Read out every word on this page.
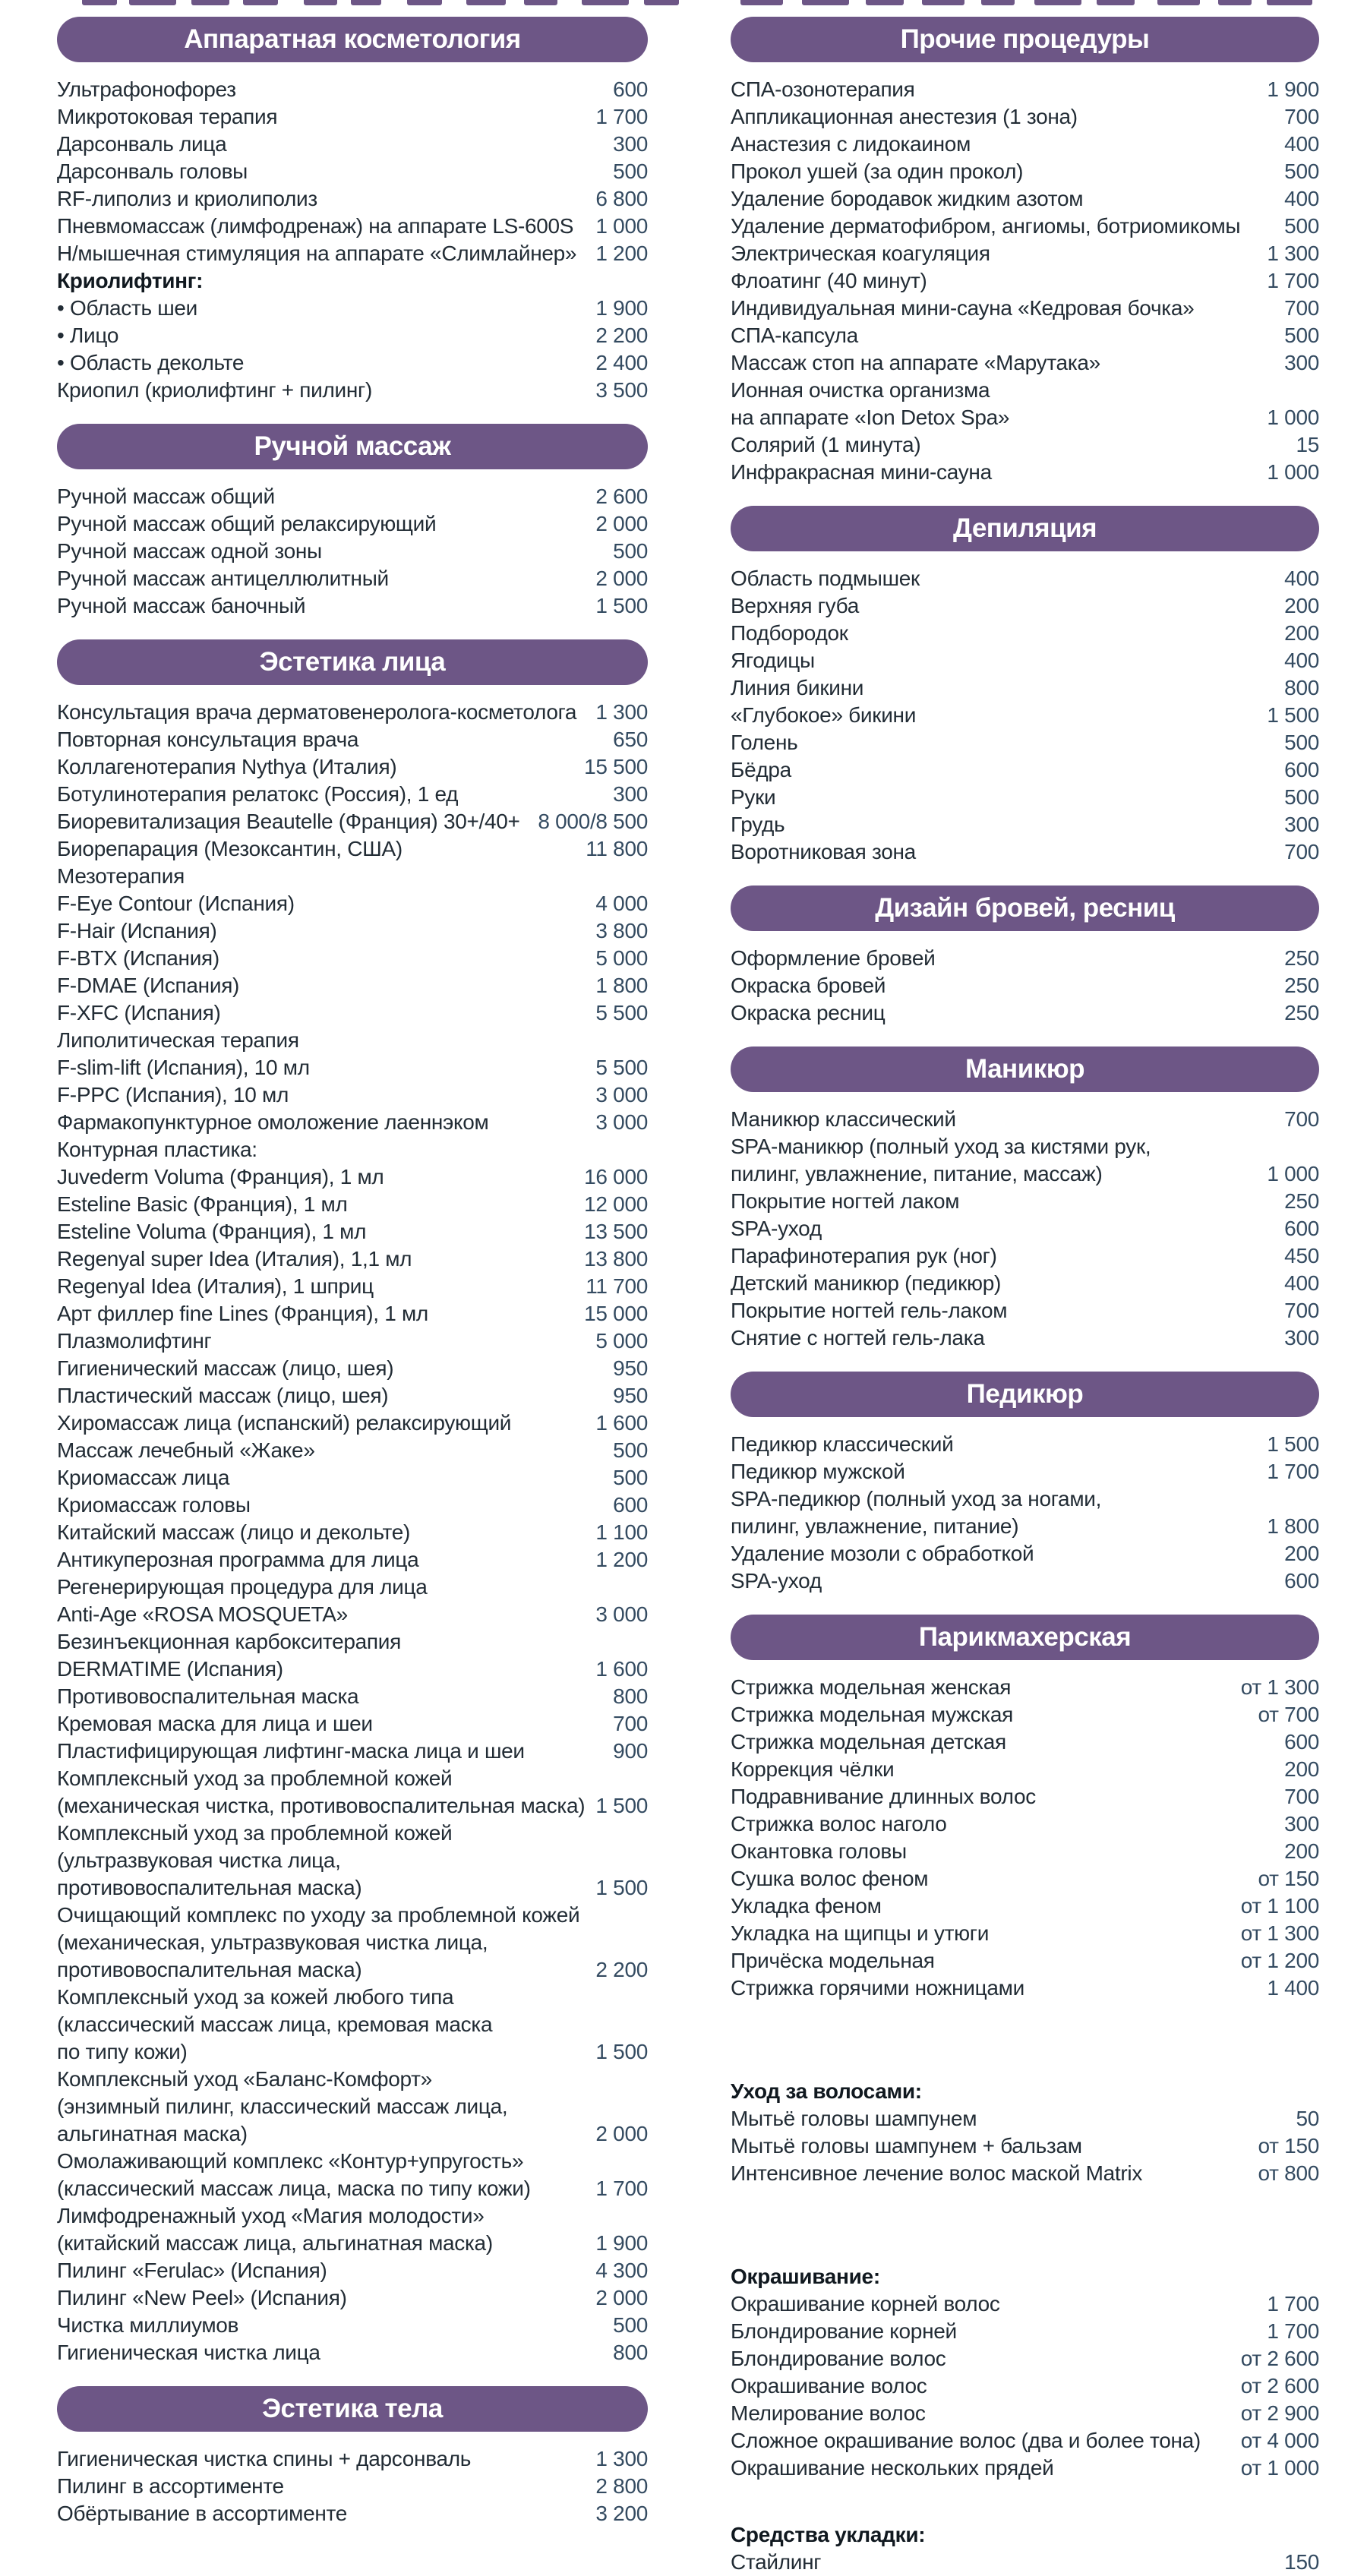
Аппаратная косметология
Ультрафонофорез	600
Микротоковая терапия	1 700
Дарсонваль лица	300
Дарсонваль головы	500
RF-липолиз и криолиполиз	6 800
Пневмомассаж (лимфодренаж) на аппарате LS-600S	1 000
Н/мышечная стимуляция на аппарате «Слимлайнер» 1 200
Криолифтинг:
• Область шеи	1 900
• Лицо	2 200
• Область декольте	2 400
Криопил (криолифтинг + пилинг)	3 500
Ручной массаж
Ручной массаж общий	2 600
Ручной массаж общий релаксирующий	2 000
Ручной массаж одной зоны	500
Ручной массаж антицеллюлитный	2 000
Ручной массаж баночный	1 500
Эстетика лица
Консультация врача дерматовенеролога-косметолога 1 300
Повторная консультация врача	650
Коллагенотерапия Nythya (Италия)	15 500
Ботулинотерапия релатокс (Россия), 1 ед	300
Биоревитализация Beautelle (Франция) 30+/40+ 8 000/8 500
Биорепарация (Мезоксантин, США)	11 800
Мезотерапия
F-Eye Contour (Испания)	4 000
F-Hair (Испания)	3 800
F-BTX (Испания)	5 000
F-DMAE (Испания)	1 800
F-XFC (Испания)	5 500
Липолитическая терапия
F-slim-lift (Испания), 10 мл	5 500
F-PPC (Испания), 10 мл	3 000
Фармакопунктурное омоложение лаеннэком	3 000
Контурная пластика:
Juvederm Voluma (Франция), 1 мл	16 000
Esteline Basic (Франция), 1 мл	12 000
Esteline Voluma (Франция), 1 мл	13 500
Regenyal super Idea (Италия), 1,1 мл	13 800
Regenyal Idea (Италия), 1 шприц	11 700
Арт филлер fine Lines (Франция), 1 мл	15 000
Плазмолифтинг	5 000
Гигиенический массаж (лицо, шея)	950
Пластический массаж (лицо, шея)	950
Хиромассаж лица (испанский) релаксирующий	1 600
Массаж лечебный «Жаке»	500
Криомассаж лица	500
Криомассаж головы	600
Китайский массаж (лицо и декольте)	1 100
Антикуперозная программа для лица	1 200
Регенерирующая процедура для лица
Anti-Age «ROSA MOSQUETA»	3 000
Безинъекционная карбокситерапия
DERMATIME (Испания)	1 600
Противовоспалительная маска	800
Кремовая маска для лица и шеи	700
Пластифицирующая лифтинг-маска лица и шеи	900
Комплексный уход за проблемной кожей
(механическая чистка, противовоспалительная маска) 1 500
Комплексный уход за проблемной кожей
(ультразвуковая чистка лица,
противовоспалительная маска)	1 500
Очищающий комплекс по уходу за проблемной кожей
(механическая, ультразвуковая чистка лица,
противовоспалительная маска)	2 200
Комплексный уход за кожей любого типа
(классический массаж лица, кремовая маска
по типу кожи)	1 500
Комплексный уход «Баланс-Комфорт»
(энзимный пилинг, классический массаж лица,
альгинатная маска)	2 000
Омолаживающий комплекс «Контур+упругость»
(классический массаж лица, маска по типу кожи)	1 700
Лимфодренажный уход «Магия молодости»
(китайский массаж лица, альгинатная маска)	1 900
Пилинг «Ferulac» (Испания)	4 300
Пилинг «New Peel» (Испания)	2 000
Чистка миллиумов	500
Гигиеническая чистка лица	800
Эстетика тела
Гигиеническая чистка спины + дарсонваль	1 300
Пилинг в ассортименте	2 800
Обёртывание в ассортименте	3 200
Прочие процедуры
СПА-озонотерапия	1 900
Аппликационная анестезия (1 зона)	700
Анастезия с лидокаином	400
Прокол ушей (за один прокол)	500
Удаление бородавок жидким азотом	400
Удаление дерматофибром, ангиомы, ботриомикомы	500
Электрическая коагуляция	1 300
Флоатинг (40 минут)	1 700
Индивидуальная мини-сауна «Кедровая бочка»	700
СПА-капсула	500
Массаж стоп на аппарате «Марутака»	300
Ионная очистка организма
на аппарате «Ion Detox Spa»	1 000
Солярий (1 минута)	15
Инфракрасная мини-сауна	1 000
Депиляция
Область подмышек	400
Верхняя губа	200
Подбородок	200
Ягодицы	400
Линия бикини	800
«Глубокое» бикини	1 500
Голень	500
Бёдра	600
Руки	500
Грудь	300
Воротниковая зона	700
Дизайн бровей, ресниц
Оформление бровей	250
Окраска бровей	250
Окраска ресниц	250
Маникюр
Маникюр классический	700
SPA-маникюр (полный уход за кистями рук,
пилинг, увлажнение, питание, массаж)	1 000
Покрытие ногтей лаком	250
SPA-уход	600
Парафинотерапия рук (ног)	450
Детский маникюр (педикюр)	400
Покрытие ногтей гель-лаком	700
Снятие с ногтей гель-лака	300
Педикюр
Педикюр классический	1 500
Педикюр мужской	1 700
SPA-педикюр (полный уход за ногами,
пилинг, увлажнение, питание)	1 800
Удаление мозоли с обработкой	200
SPA-уход	600
Парикмахерская
Стрижка модельная женская	от 1 300
Стрижка модельная мужская	от 700
Стрижка модельная детская	600
Коррекция чёлки	200
Подравнивание длинных волос	700
Стрижка волос наголо	300
Окантовка головы	200
Сушка волос феном	от 150
Укладка феном	от 1 100
Укладка на щипцы и утюги	от 1 300
Причёска модельная	от 1 200
Стрижка горячими ножницами	1 400
Уход за волосами:
Мытьё головы шампунем	50
Мытьё головы шампунем + бальзам	от 150
Интенсивное лечение волос маской Matrix	от 800
Окрашивание:
Окрашивание корней волос	1 700
Блондирование корней	1 700
Блондирование волос	от 2 600
Окрашивание волос	от 2 600
Мелирование волос	от 2 900
Сложное окрашивание волос (два и более тона)	от 4 000
Окрашивание нескольких прядей	от 1 000
Средства укладки:
Стайлинг	150
